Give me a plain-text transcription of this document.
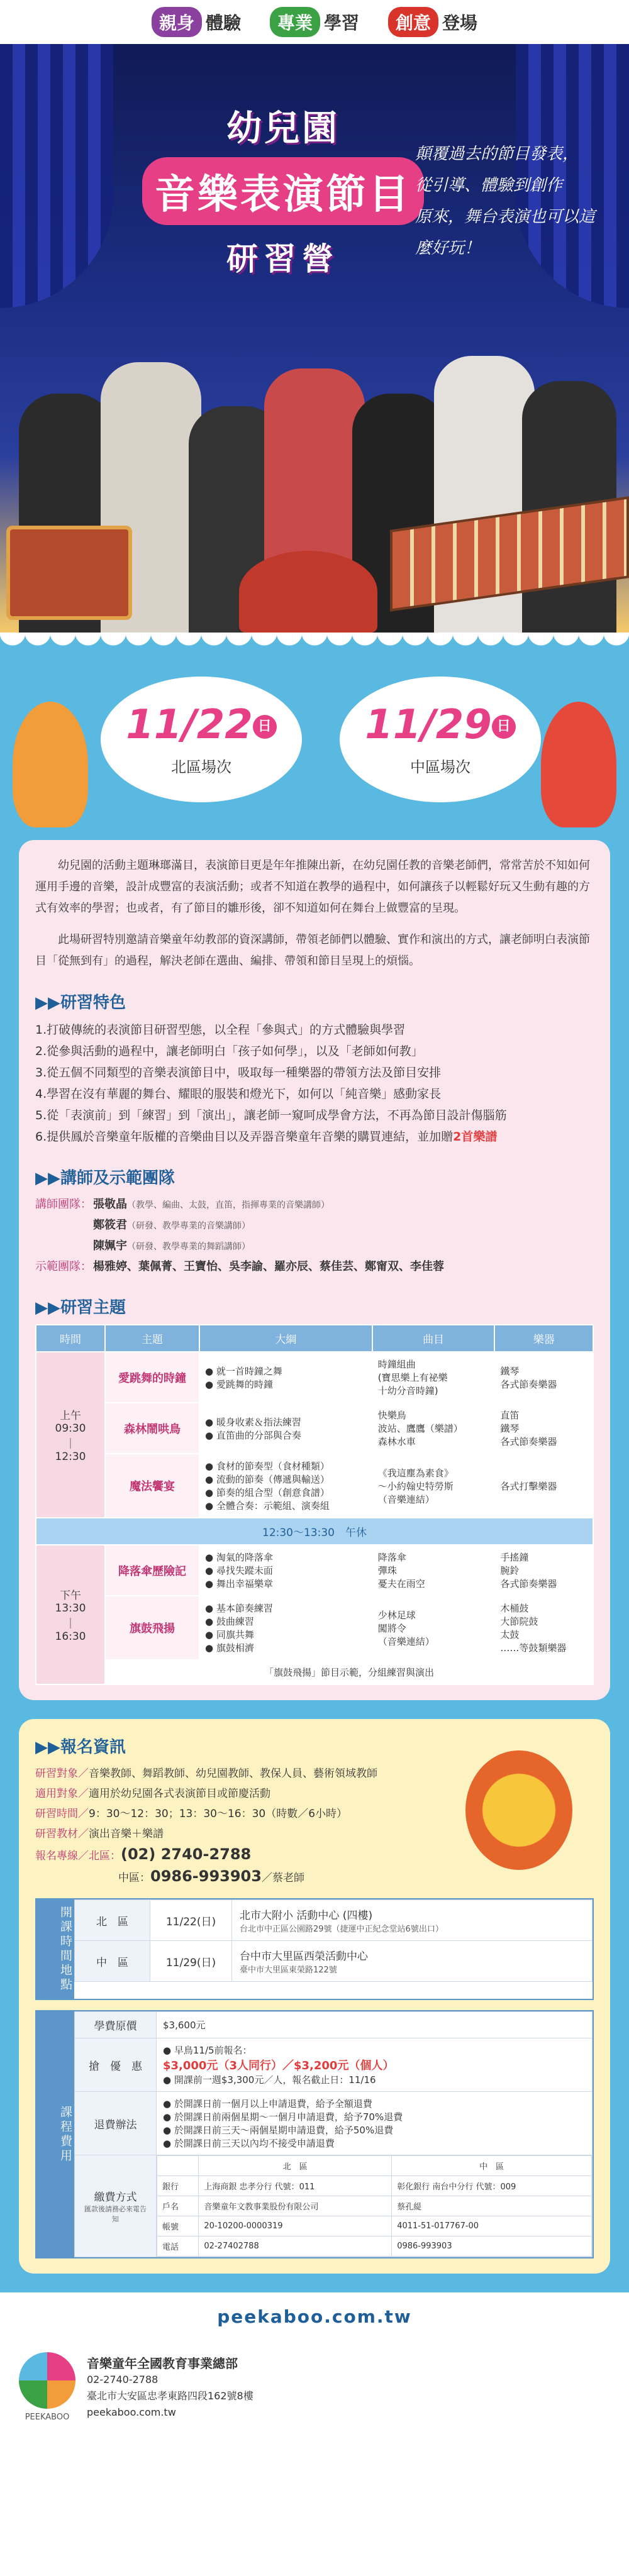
親身 體驗	專業 學習	創意 登場
幼兒園
音樂表演節目
研習營
顛覆過去的節目發表，
從引導、體驗到創作
原來，舞台表演也可以這麼好玩！
11/22 日
北區場次
11/29 日
中區場次

幼兒園的活動主題琳瑯滿目，表演節目更是年年推陳出新，在幼兒園任教的音樂老師們，常常苦於不知如何運用手邊的音樂，設計成豐富的表演活動；或者不知道在教學的過程中，如何讓孩子以輕鬆好玩又生動有趣的方式有效率的學習；也或者，有了節目的雛形後，卻不知道如何在舞台上做豐富的呈現。

此場研習特別邀請音樂童年幼教部的資深講師，帶領老師們以體驗、實作和演出的方式，讓老師明白表演節目「從無到有」的過程，解決老師在選曲、編排、帶領和節目呈現上的煩惱。

▶▶研習特色
1.打破傳統的表演節目研習型態，以全程「參與式」的方式體驗與學習
2.從參與活動的過程中，讓老師明白「孩子如何學」，以及「老師如何教」
3.從五個不同類型的音樂表演節目中，吸取每一種樂器的帶領方法及節目安排
4.學習在沒有華麗的舞台、耀眼的服裝和燈光下，如何以「純音樂」感動家長
5.從「表演前」到「練習」到「演出」，讓老師一窺呵成學會方法，不再為節目設計傷腦筋
6.提供鳳於音樂童年版權的音樂曲目以及弄器音樂童年音樂的購買連結，並加贈2首樂譜
▶▶講師及示範團隊
講師團隊： 張敬晶（教學、編曲、太鼓，直笛，指揮專業的音樂講師）
鄭筱君（研發、教學專業的音樂講師）
陳姵宇（研發、教學專業的舞蹈講師）
示範團隊： 楊雅婷、葉佩菁、王寶怡、吳李諭、羅亦辰、蔡佳芸、鄭甯双、李佳蓉
▶▶研習主題
時間	主題	大綱	曲目	樂器
上午
09:30
｜
12:30	愛跳舞的時鐘	● 就一首時鐘之舞
● 愛跳舞的時鐘	時鐘組曲
(寶思樂上有祕樂
十幼分音時鐘)	鐵琴
各式節奏樂器
	森林鬧哄鳥	● 暖身收素＆指法練習
● 直笛曲的分部與合奏	快樂鳥
波站、鷹鷹（樂譜）
森林水車	直笛
鐵琴
各式節奏樂器
	魔法饗宴	● 食材的節奏型（食材種類）
● 流動的節奏（傳遞與輸送）
● 節奏的組合型（創意食譜）
● 全體合奏：示範組、演奏組	《我這塵為素食》
～小約翰史特勞斯
（音樂連結）	各式打擊樂器
12:30～13:30　午休				
下午
13:30
｜
16:30	降落傘歷險記	● 淘氣的降落傘
● 尋找失蹤未面
● 舞出幸福樂章	降落傘
彈珠
憂夫在雨空	手搖鐘
腕鈴
各式節奏樂器
	旗鼓飛揚	● 基本節奏練習
● 鼓曲練習
● 同旗共舞
● 旗鼓相濟	少林足球
闖將令
（音樂連結）	木桶鼓
大節院鼓
太鼓
……等鼓類樂器
	「旗鼓飛揚」節目示範，分組練習與演出			
▶▶報名資訊
研習對象／音樂教師、舞蹈教師、幼兒園教師、教保人員、藝術領域教師
適用對象／適用於幼兒園各式表演節目或節慶活動
研習時間／9：30～12：30；13：30～16：30（時數／6小時）
研習教材／演出音樂＋樂譜
報名專線／北區：(02) 2740-2788
中區：0986-993903／蔡老師
開課時間地點 北　區	11/22(日)	北市大附小 活動中心 (四樓)
台北市中正區公園路29號（捷運中正紀念堂站6號出口）

中　區	11/29(日)	台中市大里區西榮活動中心
臺中市大里區東榮路122號
課程費用
學費原價	$3,600元
搶　優　惠	
● 早鳥11/5前報名：
$3,000元（3人同行）／$3,200元（個人）
● 開課前一週$3,300元／人，報名截止日：11/16

退費辦法	
● 於開課日前一個月以上申請退費，給予全額退費
● 於開課日前兩個星期～一個月申請退費，給予70%退費
● 於開課日前三天～兩個星期申請退費，給予50%退費
● 於開課日前三天以內均不接受申請退費

繳費方式
匯款後請務必來電告知

	北　區	中　區
銀行	上海商銀 忠孝分行 代號：011	彰化銀行 南台中分行 代號：009
戶名	音樂童年文教事業股份有限公司	蔡孔緹
帳號	20-10200-0000319	4011-51-017767-00
電話	02-27402788	0986-993903
peekaboo.com.tw
PEEKABOO
音樂童年全國教育事業總部
02-2740-2788
臺北市大安區忠孝東路四段162號8樓
peekaboo.com.tw
